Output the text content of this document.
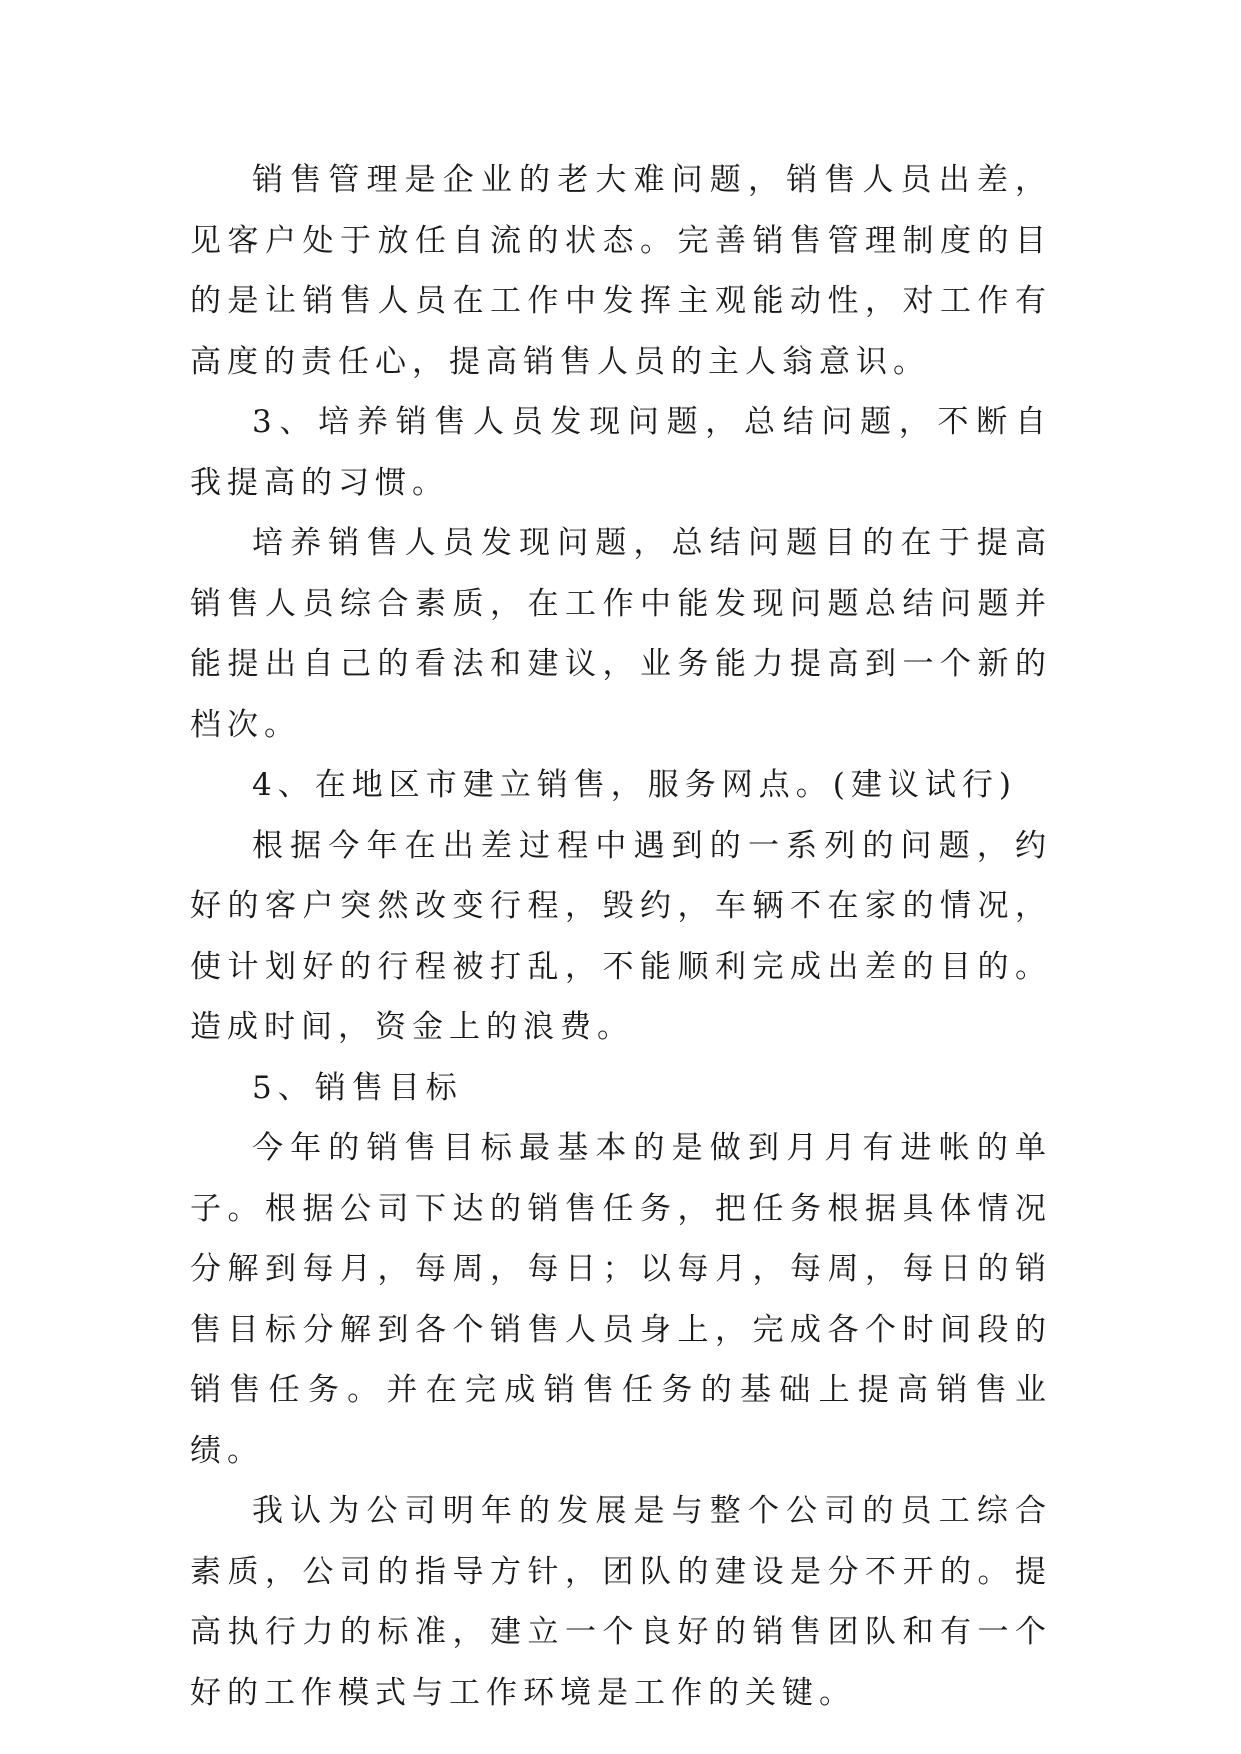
销售管理是企业的老大难问题，销售人员出差，见客户处于放任自流的状态。完善销售管理制度的目的是让销售人员在工作中发挥主观能动性，对工作有高度的责任心，提高销售人员的主人翁意识。

3、培养销售人员发现问题，总结问题，不断自我提高的习惯。

培养销售人员发现问题，总结问题目的在于提高销售人员综合素质，在工作中能发现问题总结问题并能提出自己的看法和建议，业务能力提高到一个新的档次。

4、在地区市建立销售，服务网点。(建议试行)

根据今年在出差过程中遇到的一系列的问题，约好的客户突然改变行程，毁约，车辆不在家的情况，使计划好的行程被打乱，不能顺利完成出差的目的。造成时间，资金上的浪费。

5、销售目标

今年的销售目标最基本的是做到月月有进帐的单子。根据公司下达的销售任务，把任务根据具体情况分解到每月，每周，每日；以每月，每周，每日的销售目标分解到各个销售人员身上，完成各个时间段的销售任务。并在完成销售任务的基础上提高销售业绩。

我认为公司明年的发展是与整个公司的员工综合素质，公司的指导方针，团队的建设是分不开的。提高执行力的标准，建立一个良好的销售团队和有一个好的工作模式与工作环境是工作的关键。
